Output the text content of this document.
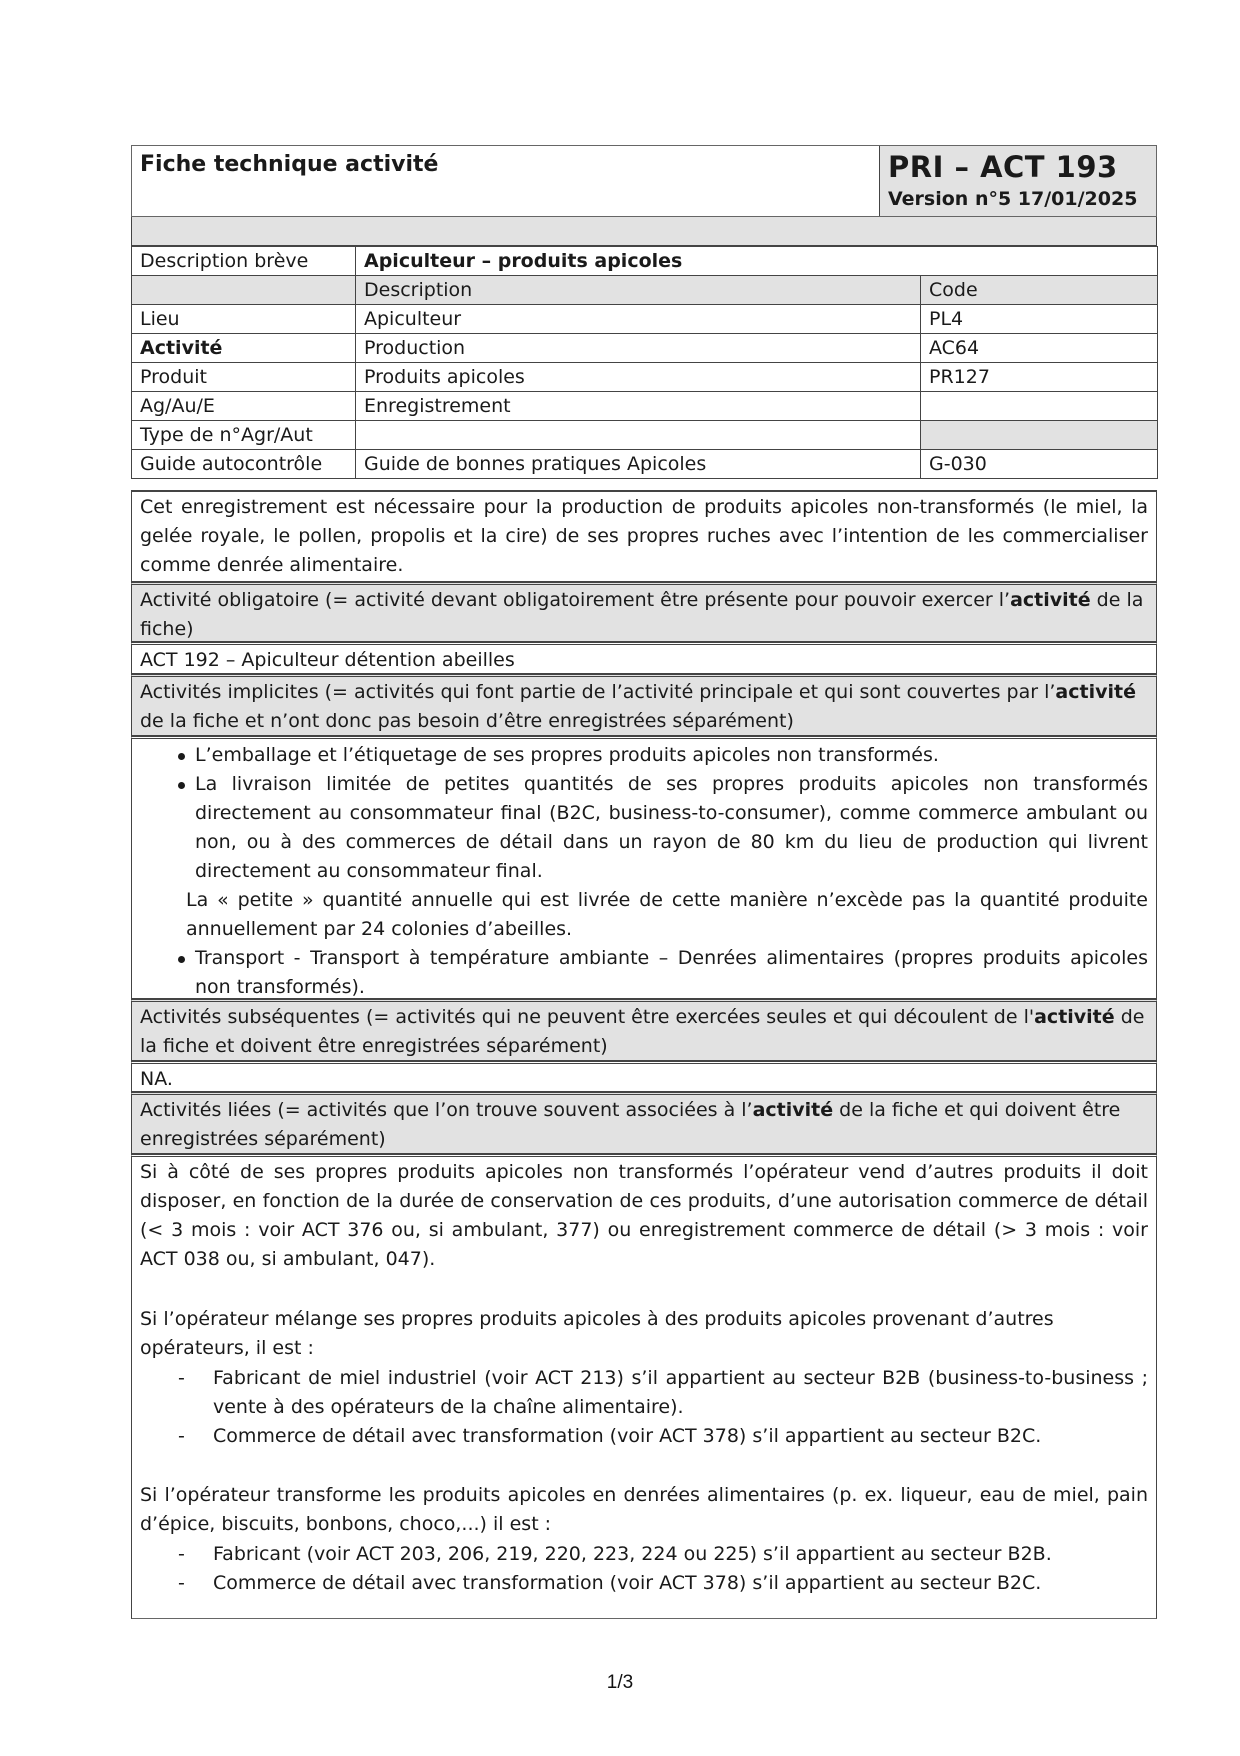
Fiche technique activité	PRI – ACT 193
Version n°5 17/01/2025
Description brève	Apiculteur – produits apicoles	
	Description	Code
Lieu	Apiculteur	PL4
Activité	Production	AC64
Produit	Produits apicoles	PR127
Ag/Au/E	Enregistrement	
Type de n°Agr/Aut		
Guide autocontrôle	Guide de bonnes pratiques Apicoles	G-030
Cet enregistrement est nécessaire pour la production de produits apicoles non-transformés (le miel, la gelée royale, le pollen, propolis et la cire) de ses propres ruches avec l’intention de les commercialiser comme denrée alimentaire.
Activité obligatoire (= activité devant obligatoirement être présente pour pouvoir exercer l’activité de la fiche)
ACT 192 – Apiculteur détention abeilles
Activités implicites (= activités qui font partie de l’activité principale et qui sont couvertes par l’activité de la fiche et n’ont donc pas besoin d’être enregistrées séparément)
L’emballage et l’étiquetage de ses propres produits apicoles non transformés.
La livraison limitée de petites quantités de ses propres produits apicoles non transformés directement au consommateur final (B2C, business-to-consumer), comme commerce ambulant ou non, ou à des commerces de détail dans un rayon de 80 km du lieu de production qui livrent directement au consommateur final.
La « petite » quantité annuelle qui est livrée de cette manière n’excède pas la quantité produite annuellement par 24 colonies d’abeilles.
Transport - Transport à température ambiante – Denrées alimentaires (propres produits apicoles non transformés).
Activités subséquentes (= activités qui ne peuvent être exercées seules et qui découlent de l'activité de la fiche et doivent être enregistrées séparément)
NA.
Activités liées (= activités que l’on trouve souvent associées à l’activité de la fiche et qui doivent être enregistrées séparément)
Si à côté de ses propres produits apicoles non transformés l’opérateur vend d’autres produits il doit disposer, en fonction de la durée de conservation de ces produits, d’une autorisation commerce de détail (< 3 mois : voir ACT 376 ou, si ambulant, 377) ou enregistrement commerce de détail (> 3 mois : voir ACT 038 ou, si ambulant, 047).
Si l’opérateur mélange ses propres produits apicoles à des produits apicoles provenant d’autres opérateurs, il est :
- Fabricant de miel industriel (voir ACT 213) s’il appartient au secteur B2B (business-to-business ; vente à des opérateurs de la chaîne alimentaire).
- Commerce de détail avec transformation (voir ACT 378) s’il appartient au secteur B2C.
Si l’opérateur transforme les produits apicoles en denrées alimentaires (p. ex. liqueur, eau de miel, pain d’épice, biscuits, bonbons, choco,...) il est :
- Fabricant (voir ACT 203, 206, 219, 220, 223, 224 ou 225) s’il appartient au secteur B2B.
- Commerce de détail avec transformation (voir ACT 378) s’il appartient au secteur B2C.
1/3
